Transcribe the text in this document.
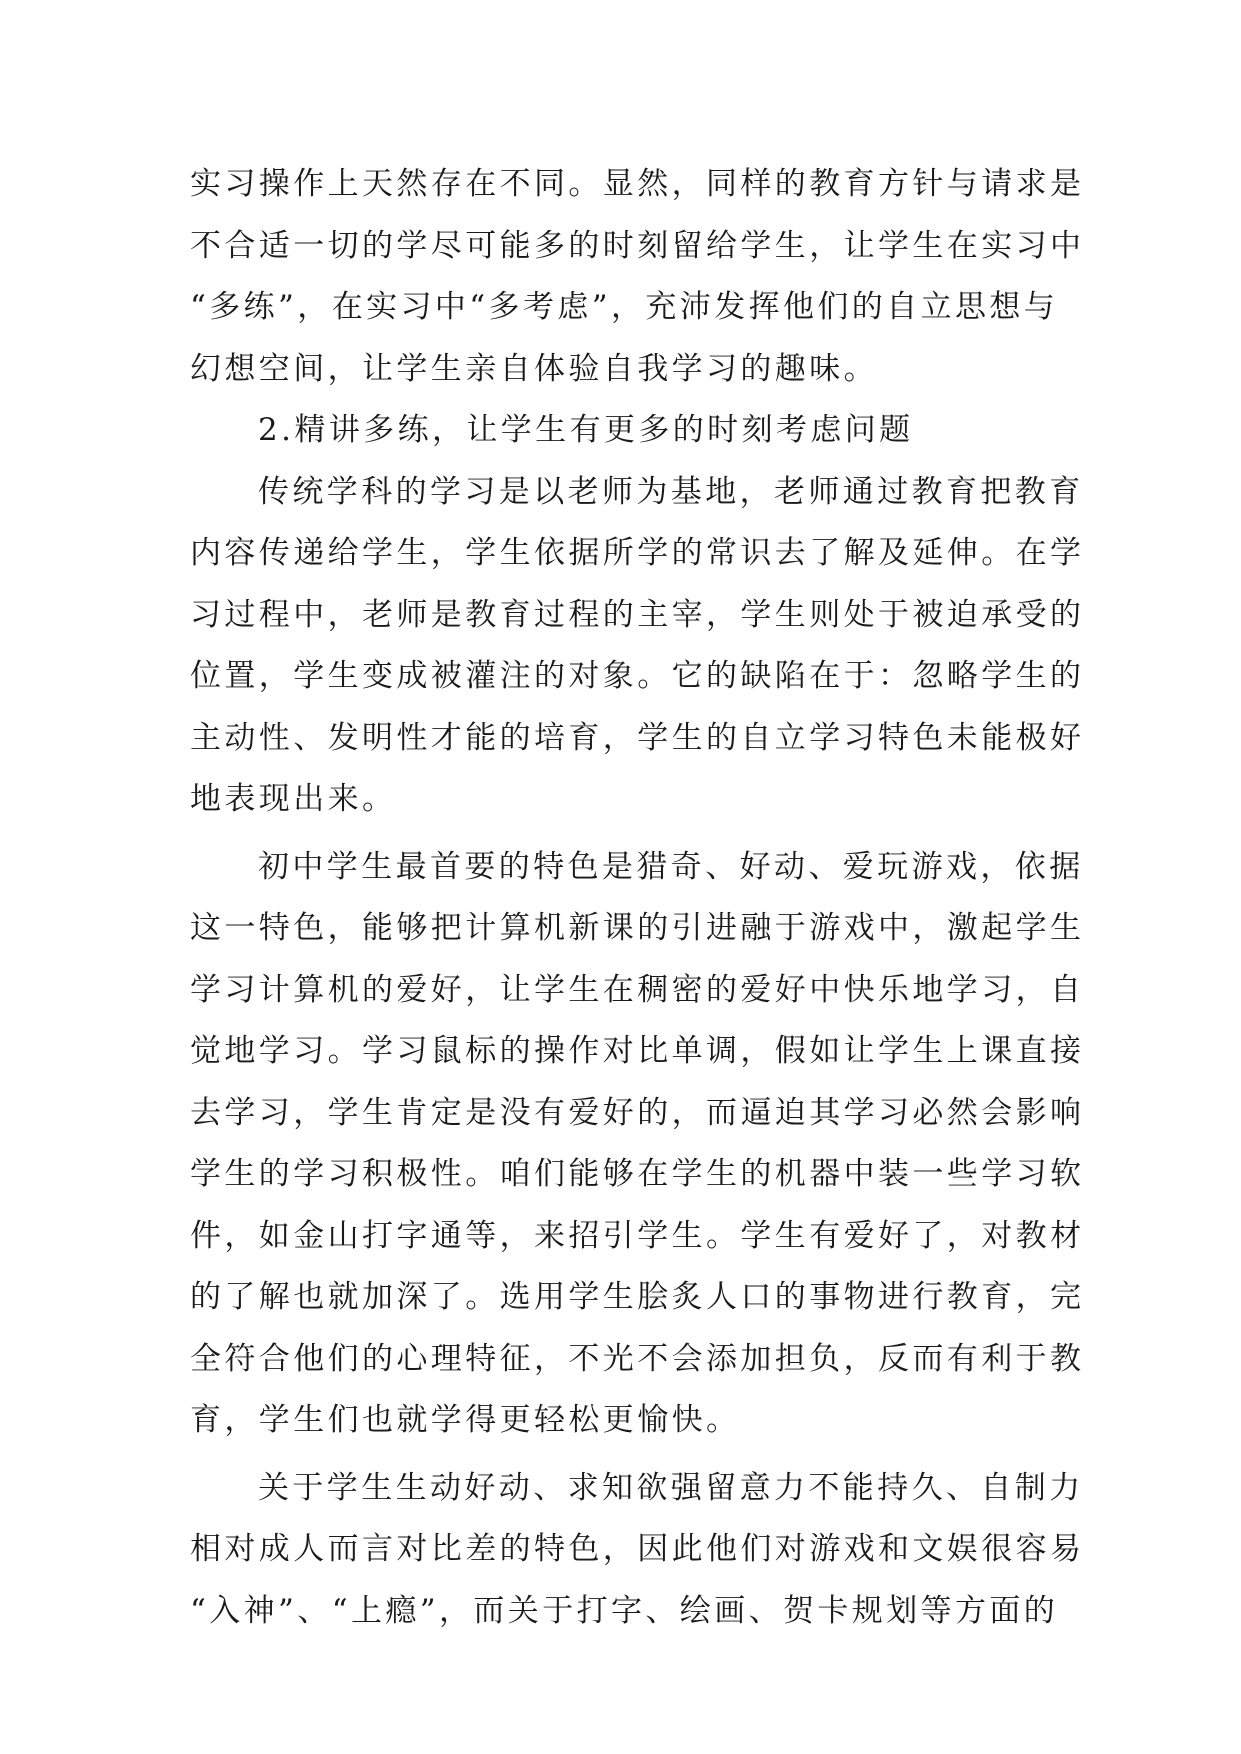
实习操作上天然存在不同。显然，同样的教育方针与请求是
不合适一切的学尽可能多的时刻留给学生，让学生在实习中
“多练”，在实习中“多考虑”，充沛发挥他们的自立思想与
幻想空间，让学生亲自体验自我学习的趣味。
2.精讲多练，让学生有更多的时刻考虑问题
传统学科的学习是以老师为基地，老师通过教育把教育
内容传递给学生，学生依据所学的常识去了解及延伸。在学
习过程中，老师是教育过程的主宰，学生则处于被迫承受的
位置，学生变成被灌注的对象。它的缺陷在于：忽略学生的
主动性、发明性才能的培育，学生的自立学习特色未能极好
地表现出来。
初中学生最首要的特色是猎奇、好动、爱玩游戏，依据
这一特色，能够把计算机新课的引进融于游戏中，激起学生
学习计算机的爱好，让学生在稠密的爱好中快乐地学习，自
觉地学习。学习鼠标的操作对比单调，假如让学生上课直接
去学习，学生肯定是没有爱好的，而逼迫其学习必然会影响
学生的学习积极性。咱们能够在学生的机器中装一些学习软
件，如金山打字通等，来招引学生。学生有爱好了，对教材
的了解也就加深了。选用学生脍炙人口的事物进行教育，完
全符合他们的心理特征，不光不会添加担负，反而有利于教
育，学生们也就学得更轻松更愉快。
关于学生生动好动、求知欲强留意力不能持久、自制力
相对成人而言对比差的特色，因此他们对游戏和文娱很容易
“入神”、“上瘾”，而关于打字、绘画、贺卡规划等方面的
